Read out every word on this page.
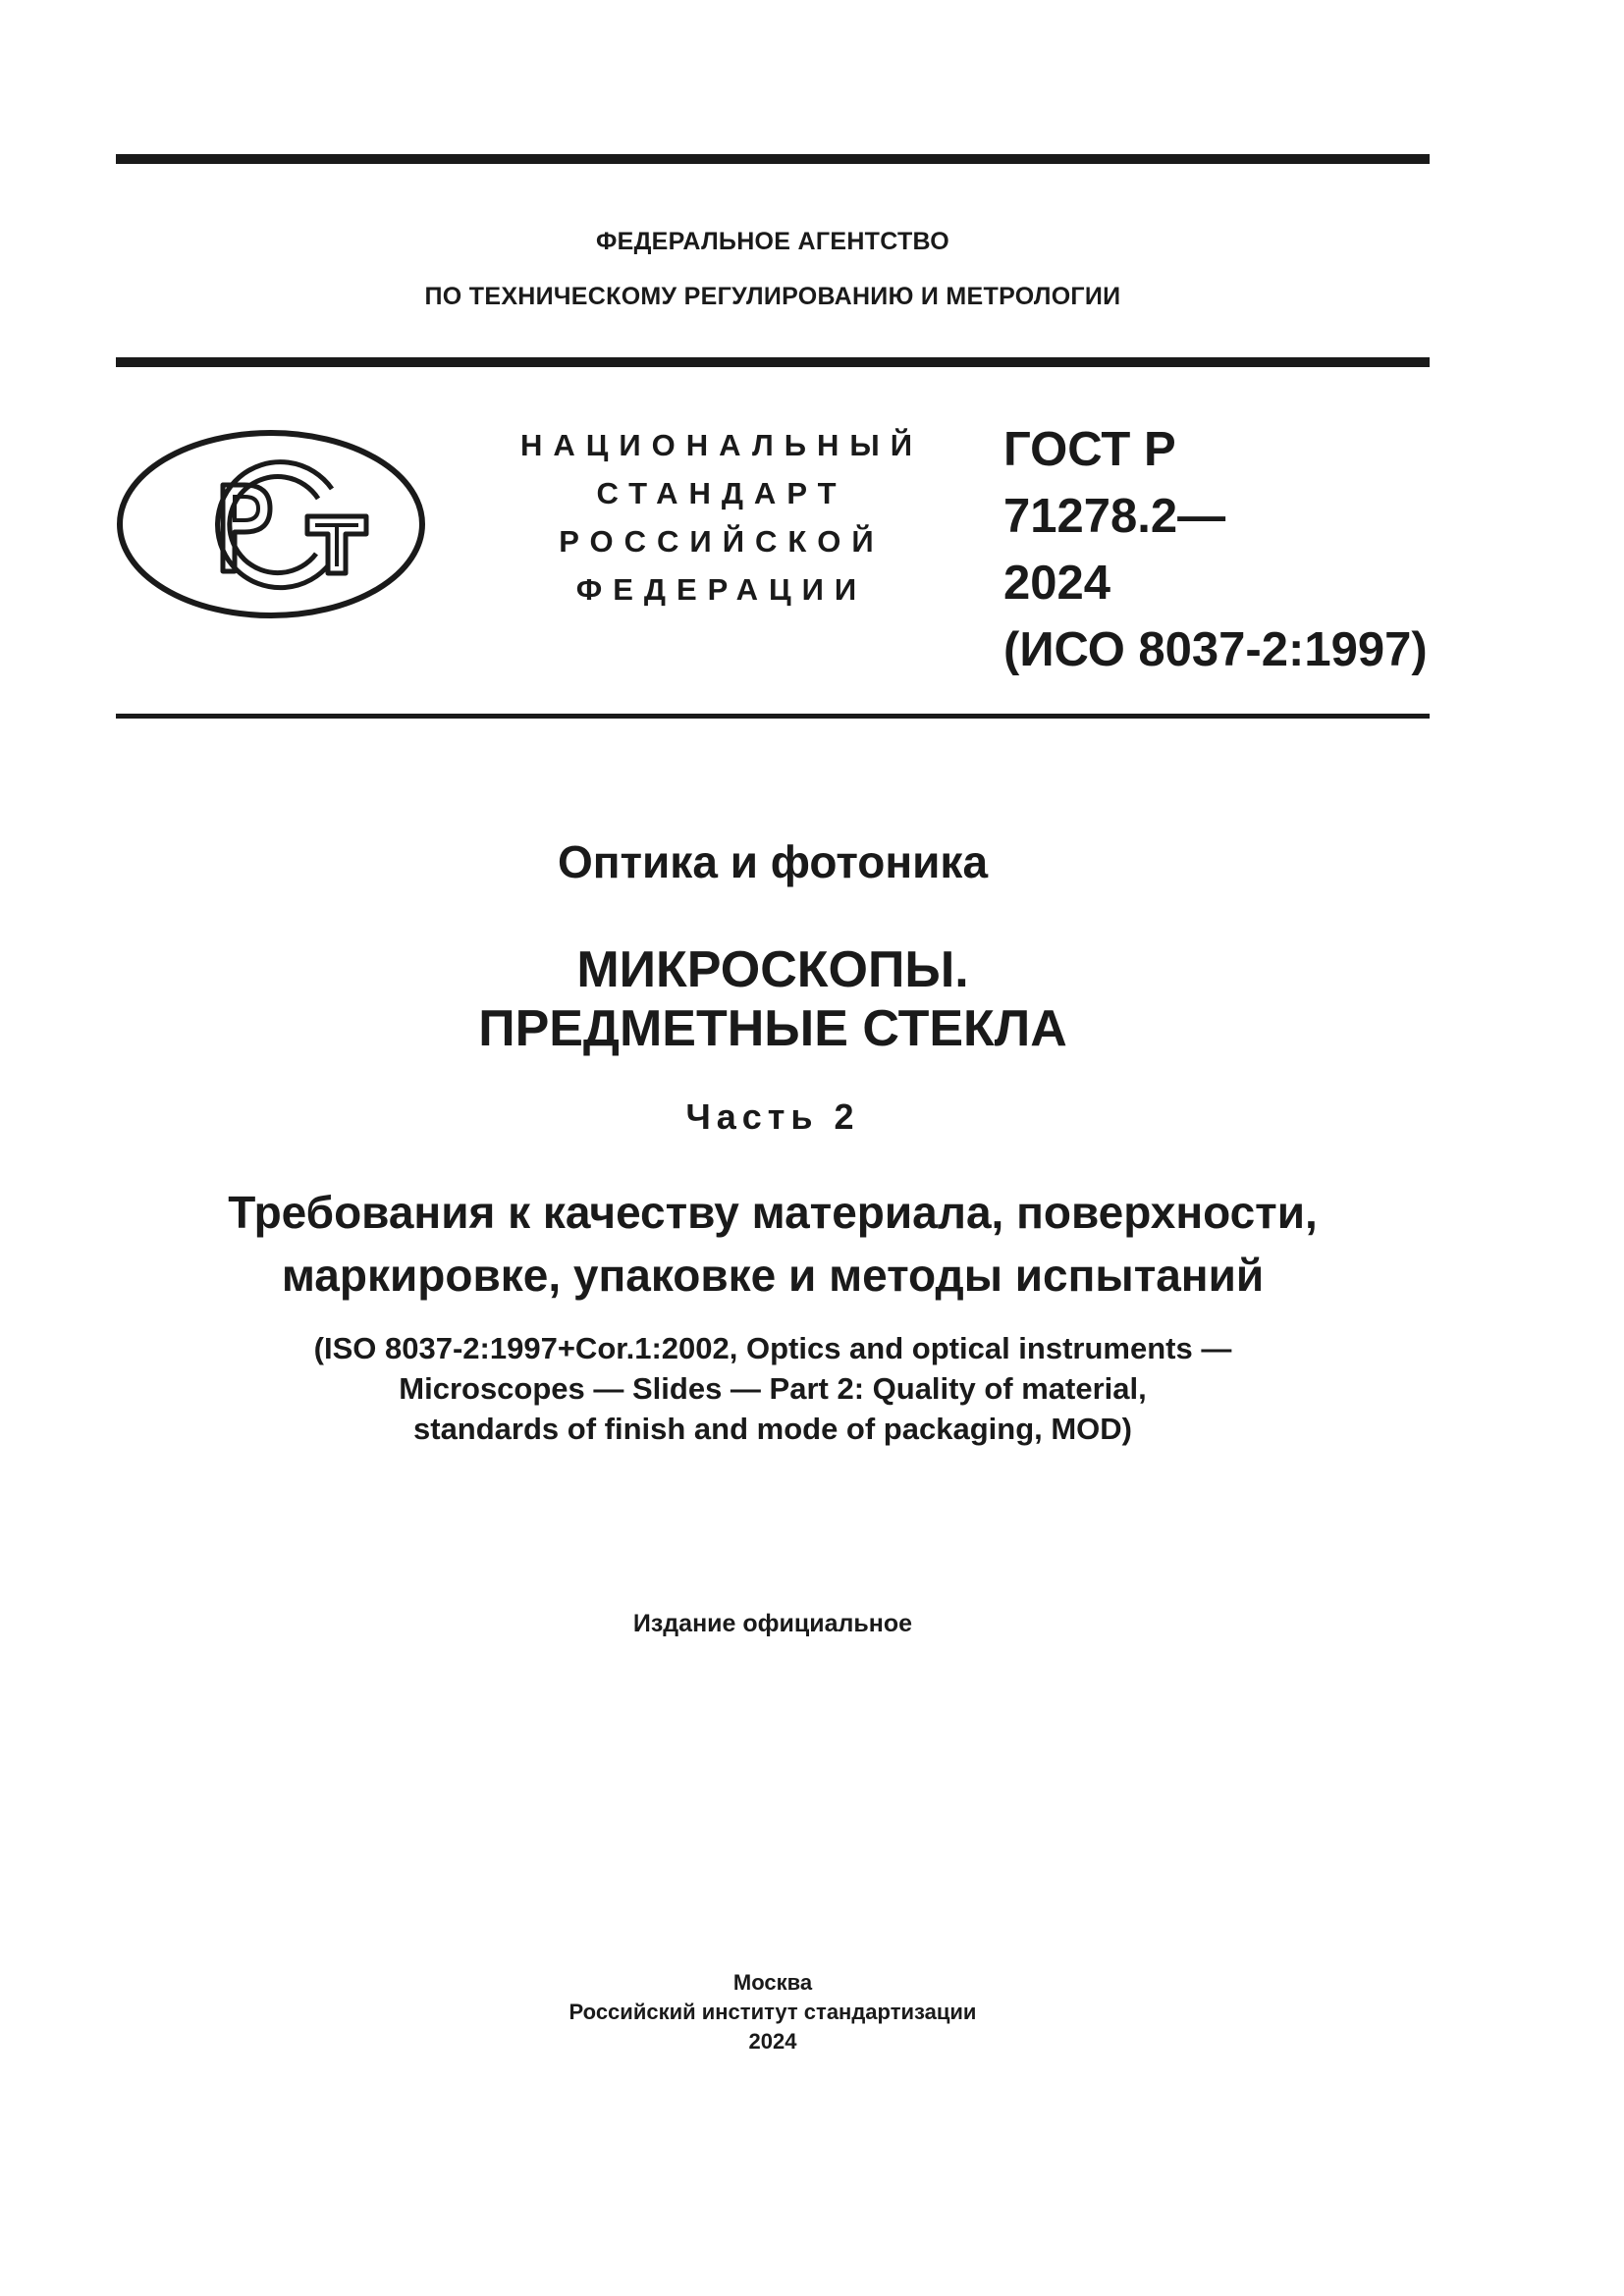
ФЕДЕРАЛЬНОЕ АГЕНТСТВО
ПО ТЕХНИЧЕСКОМУ РЕГУЛИРОВАНИЮ И МЕТРОЛОГИИ
НАЦИОНАЛЬНЫЙ
СТАНДАРТ
РОССИЙСКОЙ
ФЕДЕРАЦИИ
ГОСТ Р
71278.2—
2024
(ИСО 8037-2:1997)
Оптика и фотоника
МИКРОСКОПЫ.
ПРЕДМЕТНЫЕ СТЕКЛА
Часть 2
Требования к качеству материала, поверхности,
маркировке, упаковке и методы испытаний
(ISO 8037-2:1997+Cor.1:2002, Optics and optical instruments —
Microscopes — Slides — Part 2: Quality of material,
standards of finish and mode of packaging, MOD)
Издание официальное
Москва
Российский институт стандартизации
2024
